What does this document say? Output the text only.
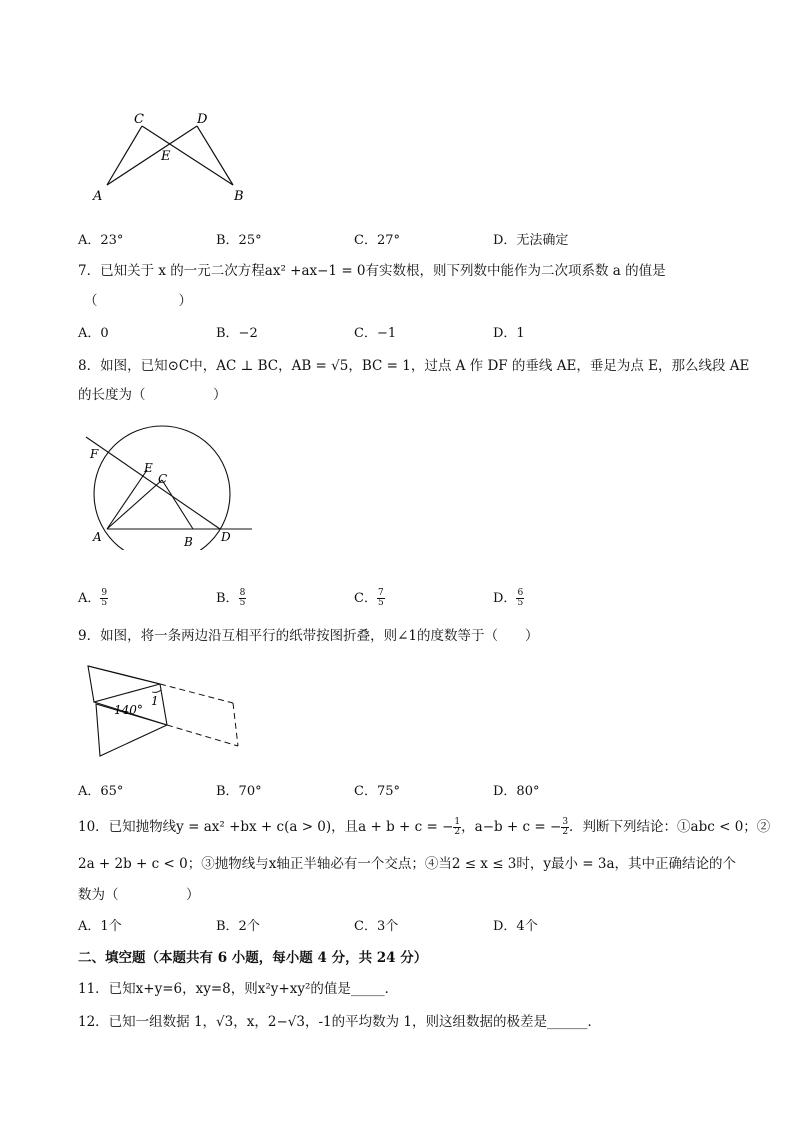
C	D
E
A	B
A．23°	B．25°	C．27°	D．无法确定
7．已知关于 x 的一元二次方程ax² +ax−1 = 0有实数根，则下列数中能作为二次项系数 a 的值是
（　　　　　　）
A．0	B．−2	C．−1	D．1
8．如图，已知⊙C中，AC ⊥ BC，AB = √5，BC = 1，过点 A 作 DF 的垂线 AE，垂足为点 E，那么线段 AE
的长度为（　　　　　）
F
E
C
A	B D
A． $\frac{9}{5}$	B． $\frac{8}{5}$	C． $\frac{7}{5}$	D． $\frac{6}{5}$
9．如图，将一条两边沿互相平行的纸带按图折叠，则∠1的度数等于（　　）
140°
1
A．65°	B．70°	C．75°	D．80°
10．已知抛物线y = ax² +bx + c(a > 0)，且a + b + c = − $\frac{1}{2}$ ，a−b + c = − $\frac{3}{2}$ ．判断下列结论：①abc < 0；②
2a + 2b + c < 0；③抛物线与x轴正半轴必有一个交点；④当2 ≤ x ≤ 3时，y最小 = 3a，其中正确结论的个
数为（　　　　　）
A．1个	B．2个	C．3个	D．4个
二、填空题（本题共有 6 小题，每小题 4 分，共 24 分）
11．已知x+y=6，xy=8，则x²y+xy²的值是_____．
12．已知一组数据 1，√3，x，2−√3，-1的平均数为 1，则这组数据的极差是______．
